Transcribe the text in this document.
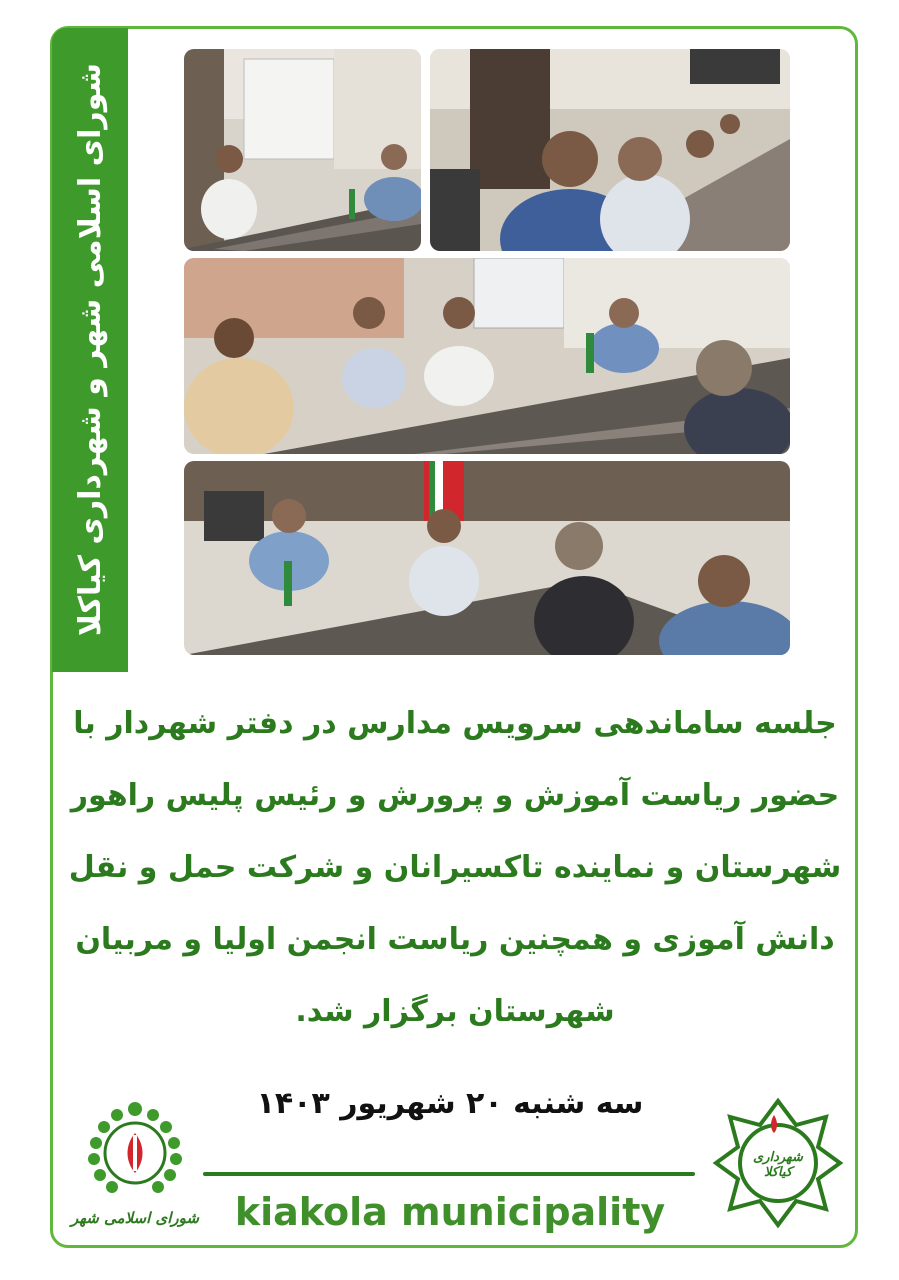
شورای اسلامی شهر و شهرداری کیاکلا
جلسه ساماندهی سرویس مدارس در دفتر شهردار با
حضور ریاست آموزش و پرورش و رئیس پلیس راهور
شهرستان و نماینده تاکسیرانان و شرکت حمل و نقل
دانش آموزی و همچنین ریاست انجمن اولیا و مربیان
شهرستان برگزار شد.
سه شنبه ۲۰ شهریور ۱۴۰۳
kiakola municipality
شورای اسلامی شهر
شهرداری کیاکلا
